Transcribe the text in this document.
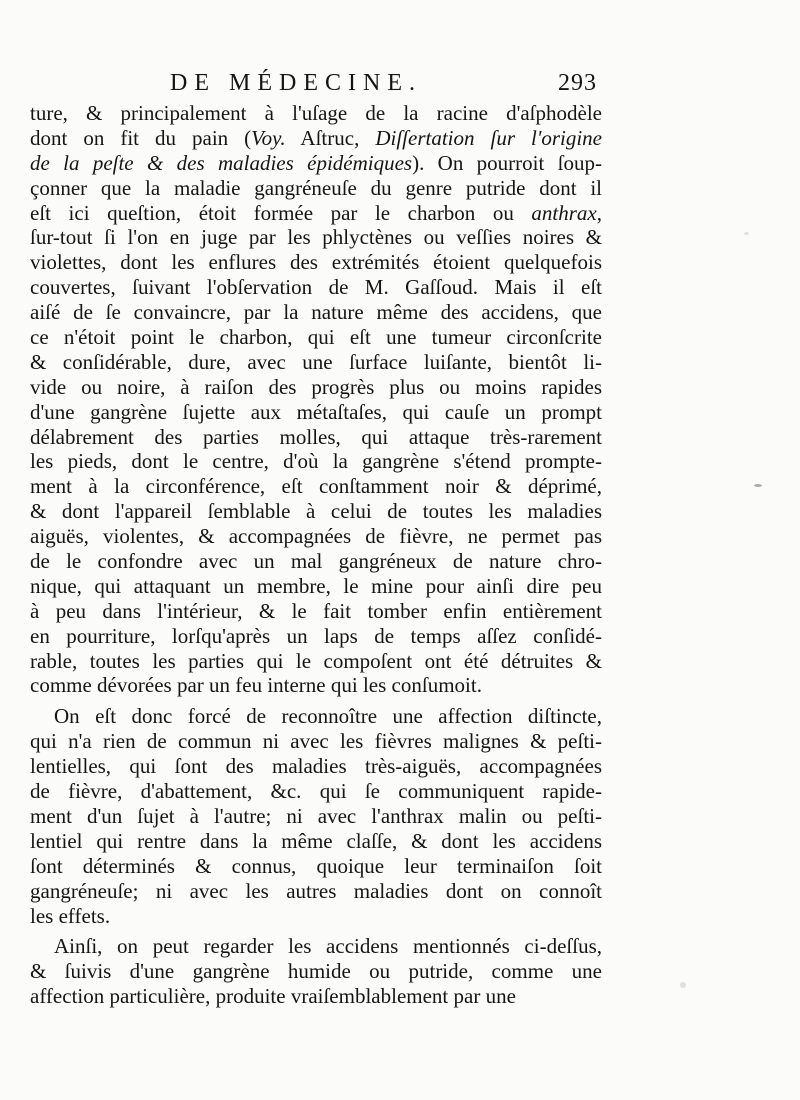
DE MÉDECINE.	293
ture, & principalement à l'uſage de la racine d'aſphodèle
dont on fit du pain (Voy. Aſtruc, Diſſertation ſur l'origine
de la peſte & des maladies épidémiques). On pourroit ſoup-
çonner que la maladie gangréneuſe du genre putride dont il
eſt ici queſtion, étoit formée par le charbon ou anthrax,
ſur-tout ſi l'on en juge par les phlyctènes ou veſſies noires &
violettes, dont les enflures des extrémités étoient quelquefois
couvertes, ſuivant l'obſervation de M. Gaſſoud. Mais il eſt
aiſé de ſe convaincre, par la nature même des accidens, que
ce n'étoit point le charbon, qui eſt une tumeur circonſcrite
& conſidérable, dure, avec une ſurface luiſante, bientôt li-
vide ou noire, à raiſon des progrès plus ou moins rapides
d'une gangrène ſujette aux métaſtaſes, qui cauſe un prompt
délabrement des parties molles, qui attaque très-rarement
les pieds, dont le centre, d'où la gangrène s'étend prompte-
ment à la circonférence, eſt conſtamment noir & déprimé,
& dont l'appareil ſemblable à celui de toutes les maladies
aiguës, violentes, & accompagnées de fièvre, ne permet pas
de le confondre avec un mal gangréneux de nature chro-
nique, qui attaquant un membre, le mine pour ainſi dire peu
à peu dans l'intérieur, & le fait tomber enfin entièrement
en pourriture, lorſqu'après un laps de temps aſſez conſidé-
rable, toutes les parties qui le compoſent ont été détruites &
comme dévorées par un feu interne qui les conſumoit.
On eſt donc forcé de reconnoître une affection diſtincte,
qui n'a rien de commun ni avec les fièvres malignes & peſti-
lentielles, qui ſont des maladies très-aiguës, accompagnées
de fièvre, d'abattement, &c. qui ſe communiquent rapide-
ment d'un ſujet à l'autre; ni avec l'anthrax malin ou peſti-
lentiel qui rentre dans la même claſſe, & dont les accidens
ſont déterminés & connus, quoique leur terminaiſon ſoit
gangréneuſe; ni avec les autres maladies dont on connoît
les effets.
Ainſi, on peut regarder les accidens mentionnés ci-deſſus,
& ſuivis d'une gangrène humide ou putride, comme une
affection particulière, produite vraiſemblablement par une
